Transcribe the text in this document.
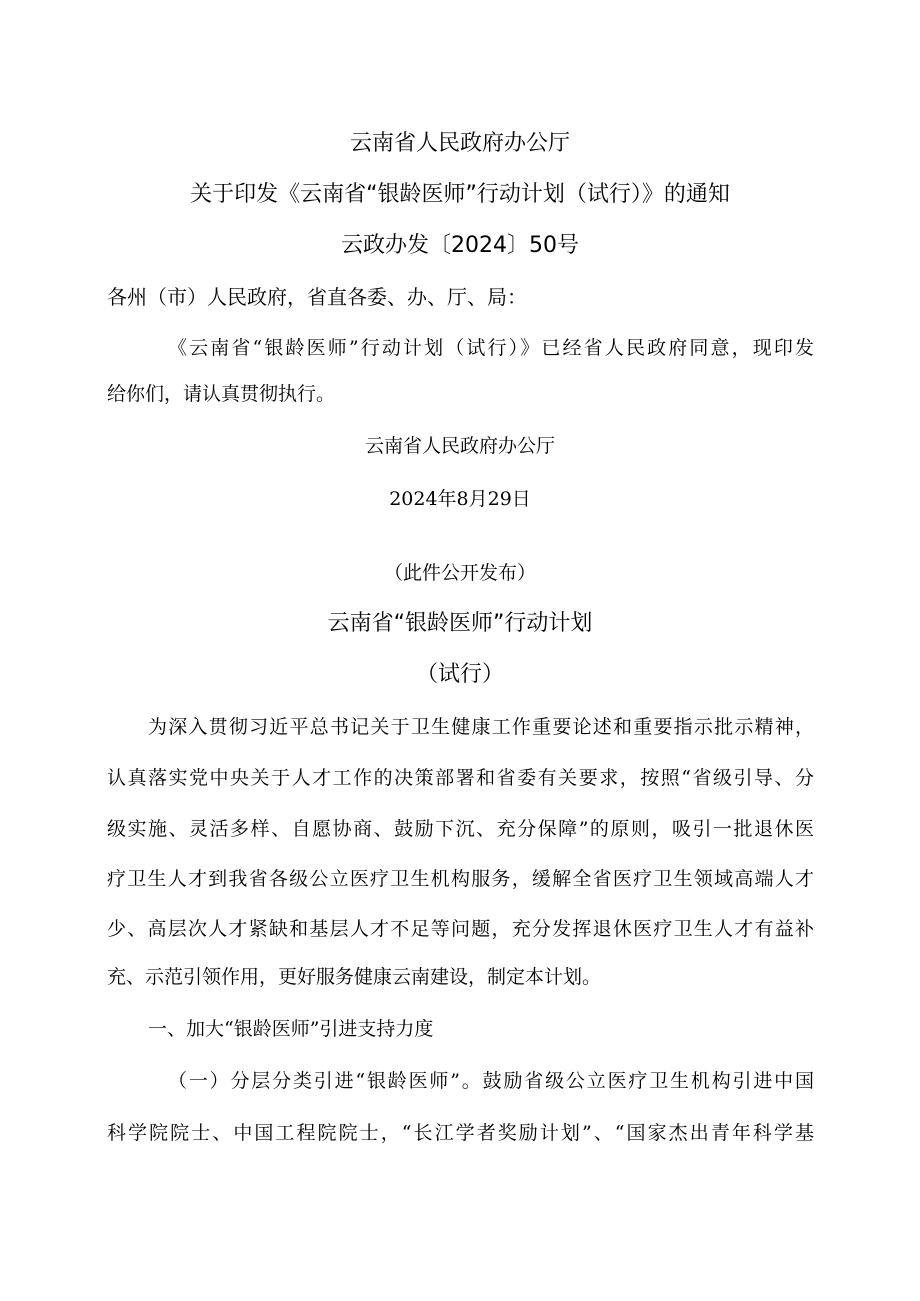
云南省人民政府办公厅
关于印发《云南省“银龄医师”行动计划（试行）》的通知
云政办发〔2024〕50号
各州（市）人民政府，省直各委、办、厅、局：
《云南省“银龄医师”行动计划（试行）》已经省人民政府同意，现印发
给你们，请认真贯彻执行。
云南省人民政府办公厅
2024年8月29日
（此件公开发布）
云南省“银龄医师”行动计划
（试行）
为深入贯彻习近平总书记关于卫生健康工作重要论述和重要指示批示精神，
认真落实党中央关于人才工作的决策部署和省委有关要求，按照“省级引导、分
级实施、灵活多样、自愿协商、鼓励下沉、充分保障”的原则，吸引一批退休医
疗卫生人才到我省各级公立医疗卫生机构服务，缓解全省医疗卫生领域高端人才
少、高层次人才紧缺和基层人才不足等问题，充分发挥退休医疗卫生人才有益补
充、示范引领作用，更好服务健康云南建设，制定本计划。
一、加大“银龄医师”引进支持力度
（一）分层分类引进“银龄医师”。鼓励省级公立医疗卫生机构引进中国
科学院院士、中国工程院院士，“长江学者奖励计划”、“国家杰出青年科学基
